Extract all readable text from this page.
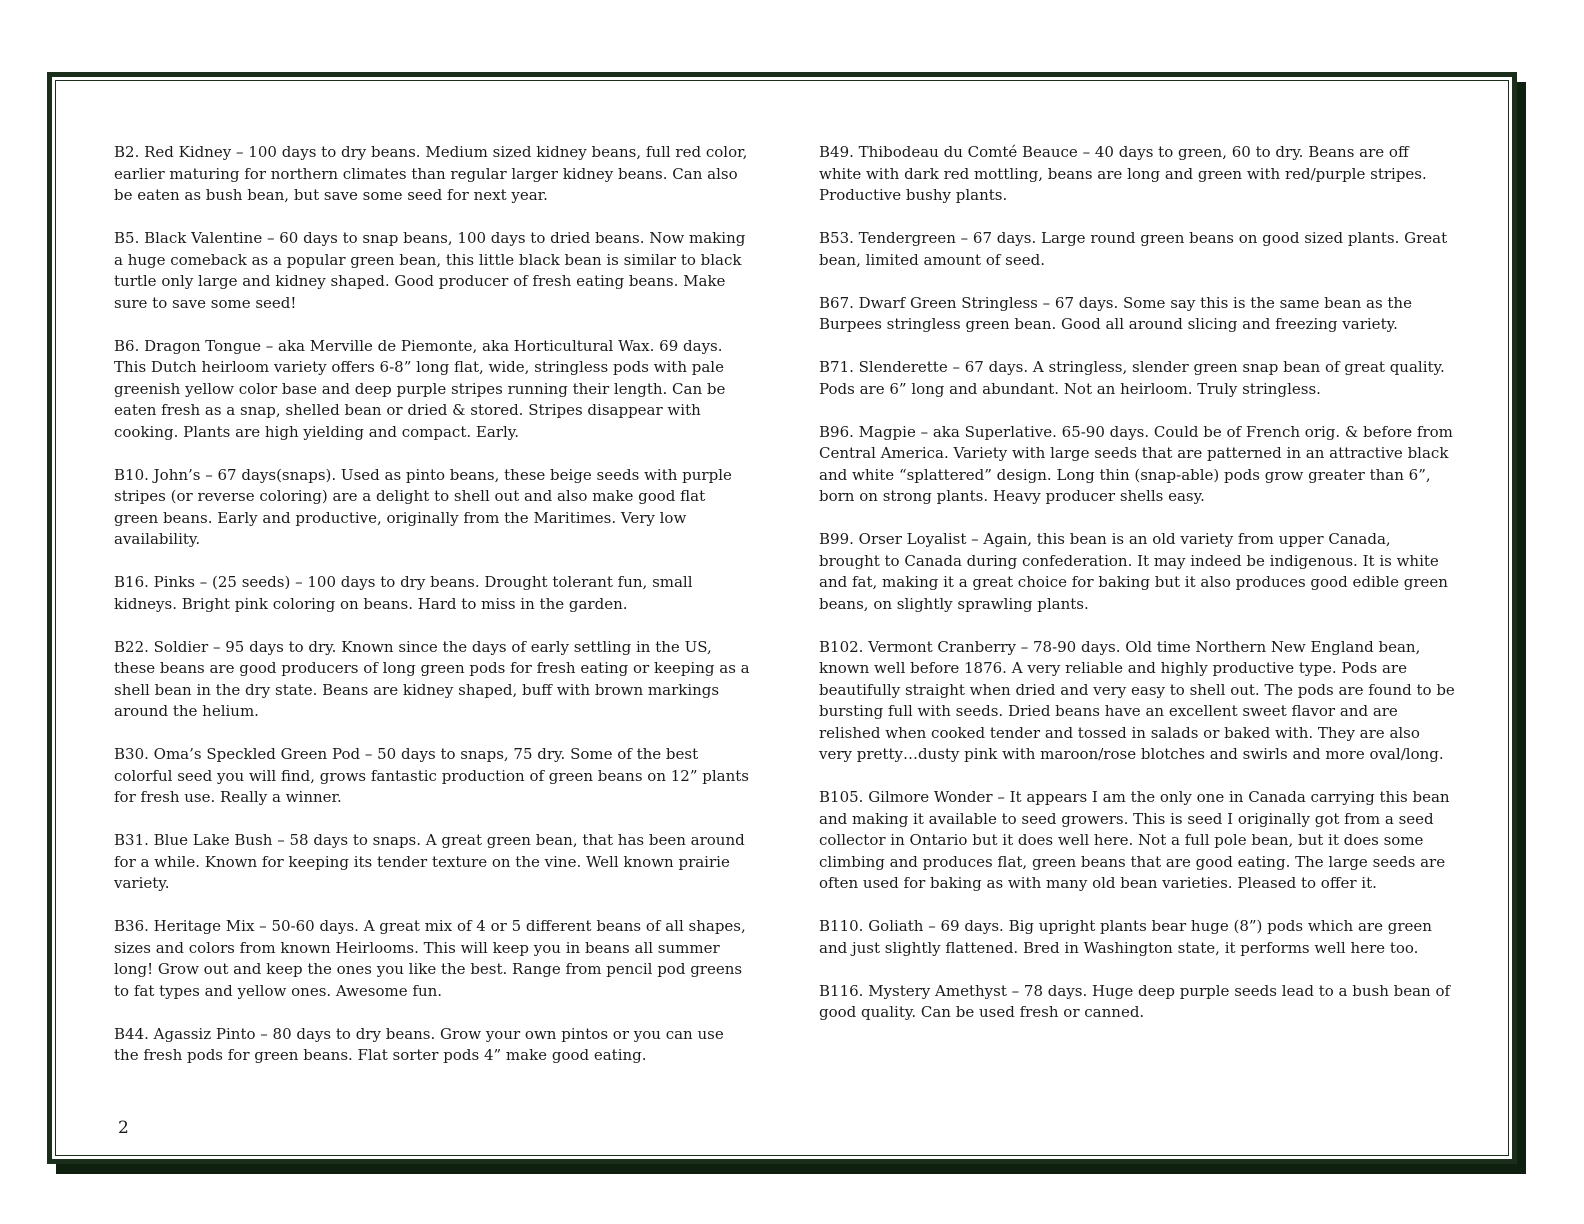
B2. Red Kidney – 100 days to dry beans. Medium sized kidney beans, full red color, earlier maturing for northern climates than regular larger kidney beans. Can also be eaten as bush bean, but save some seed for next year.

B5. Black Valentine – 60 days to snap beans, 100 days to dried beans. Now making a huge comeback as a popular green bean, this little black bean is similar to black turtle only large and kidney shaped. Good producer of fresh eating beans. Make sure to save some seed!

B6. Dragon Tongue – aka Merville de Piemonte, aka Horticultural Wax. 69 days. This Dutch heirloom variety offers 6-8” long flat, wide, stringless pods with pale greenish yellow color base and deep purple stripes running their length. Can be eaten fresh as a snap, shelled bean or dried & stored. Stripes disappear with cooking. Plants are high yielding and compact. Early.

B10. John’s – 67 days(snaps). Used as pinto beans, these beige seeds with purple stripes (or reverse coloring) are a delight to shell out and also make good flat green beans. Early and productive, originally from the Maritimes. Very low availability.

B16. Pinks – (25 seeds) – 100 days to dry beans. Drought tolerant fun, small kidneys. Bright pink coloring on beans. Hard to miss in the garden.

B22. Soldier – 95 days to dry. Known since the days of early settling in the US, these beans are good producers of long green pods for fresh eating or keeping as a shell bean in the dry state. Beans are kidney shaped, buff with brown markings around the helium.

B30. Oma’s Speckled Green Pod – 50 days to snaps, 75 dry. Some of the best colorful seed you will find, grows fantastic production of green beans on 12” plants for fresh use. Really a winner.

B31. Blue Lake Bush – 58 days to snaps. A great green bean, that has been around for a while. Known for keeping its tender texture on the vine. Well known prairie variety.

B36. Heritage Mix – 50-60 days. A great mix of 4 or 5 different beans of all shapes, sizes and colors from known Heirlooms. This will keep you in beans all summer long! Grow out and keep the ones you like the best. Range from pencil pod greens to fat types and yellow ones. Awesome fun.

B44. Agassiz Pinto – 80 days to dry beans. Grow your own pintos or you can use the fresh pods for green beans. Flat sorter pods 4” make good eating.

B49. Thibodeau du Comté Beauce – 40 days to green, 60 to dry. Beans are off white with dark red mottling, beans are long and green with red/purple stripes. Productive bushy plants.

B53. Tendergreen – 67 days. Large round green beans on good sized plants. Great bean, limited amount of seed.

B67. Dwarf Green Stringless – 67 days. Some say this is the same bean as the Burpees stringless green bean. Good all around slicing and freezing variety.

B71. Slenderette – 67 days. A stringless, slender green snap bean of great quality. Pods are 6” long and abundant. Not an heirloom. Truly stringless.

B96. Magpie – aka Superlative. 65-90 days. Could be of French orig. & before from Central America. Variety with large seeds that are patterned in an attractive black and white “splattered” design. Long thin (snap-able) pods grow greater than 6”, born on strong plants. Heavy producer shells easy.

B99. Orser Loyalist – Again, this bean is an old variety from upper Canada, brought to Canada during confederation. It may indeed be indigenous. It is white and fat, making it a great choice for baking but it also produces good edible green beans, on slightly sprawling plants.

B102. Vermont Cranberry – 78-90 days. Old time Northern New England bean, known well before 1876. A very reliable and highly productive type. Pods are beautifully straight when dried and very easy to shell out. The pods are found to be bursting full with seeds. Dried beans have an excellent sweet flavor and are relished when cooked tender and tossed in salads or baked with. They are also very pretty…dusty pink with maroon/rose blotches and swirls and more oval/long.

B105. Gilmore Wonder – It appears I am the only one in Canada carrying this bean and making it available to seed growers. This is seed I originally got from a seed collector in Ontario but it does well here. Not a full pole bean, but it does some climbing and produces flat, green beans that are good eating. The large seeds are often used for baking as with many old bean varieties. Pleased to offer it.

B110. Goliath – 69 days. Big upright plants bear huge (8”) pods which are green and just slightly flattened. Bred in Washington state, it performs well here too.

B116. Mystery Amethyst – 78 days. Huge deep purple seeds lead to a bush bean of good quality. Can be used fresh or canned.

2
